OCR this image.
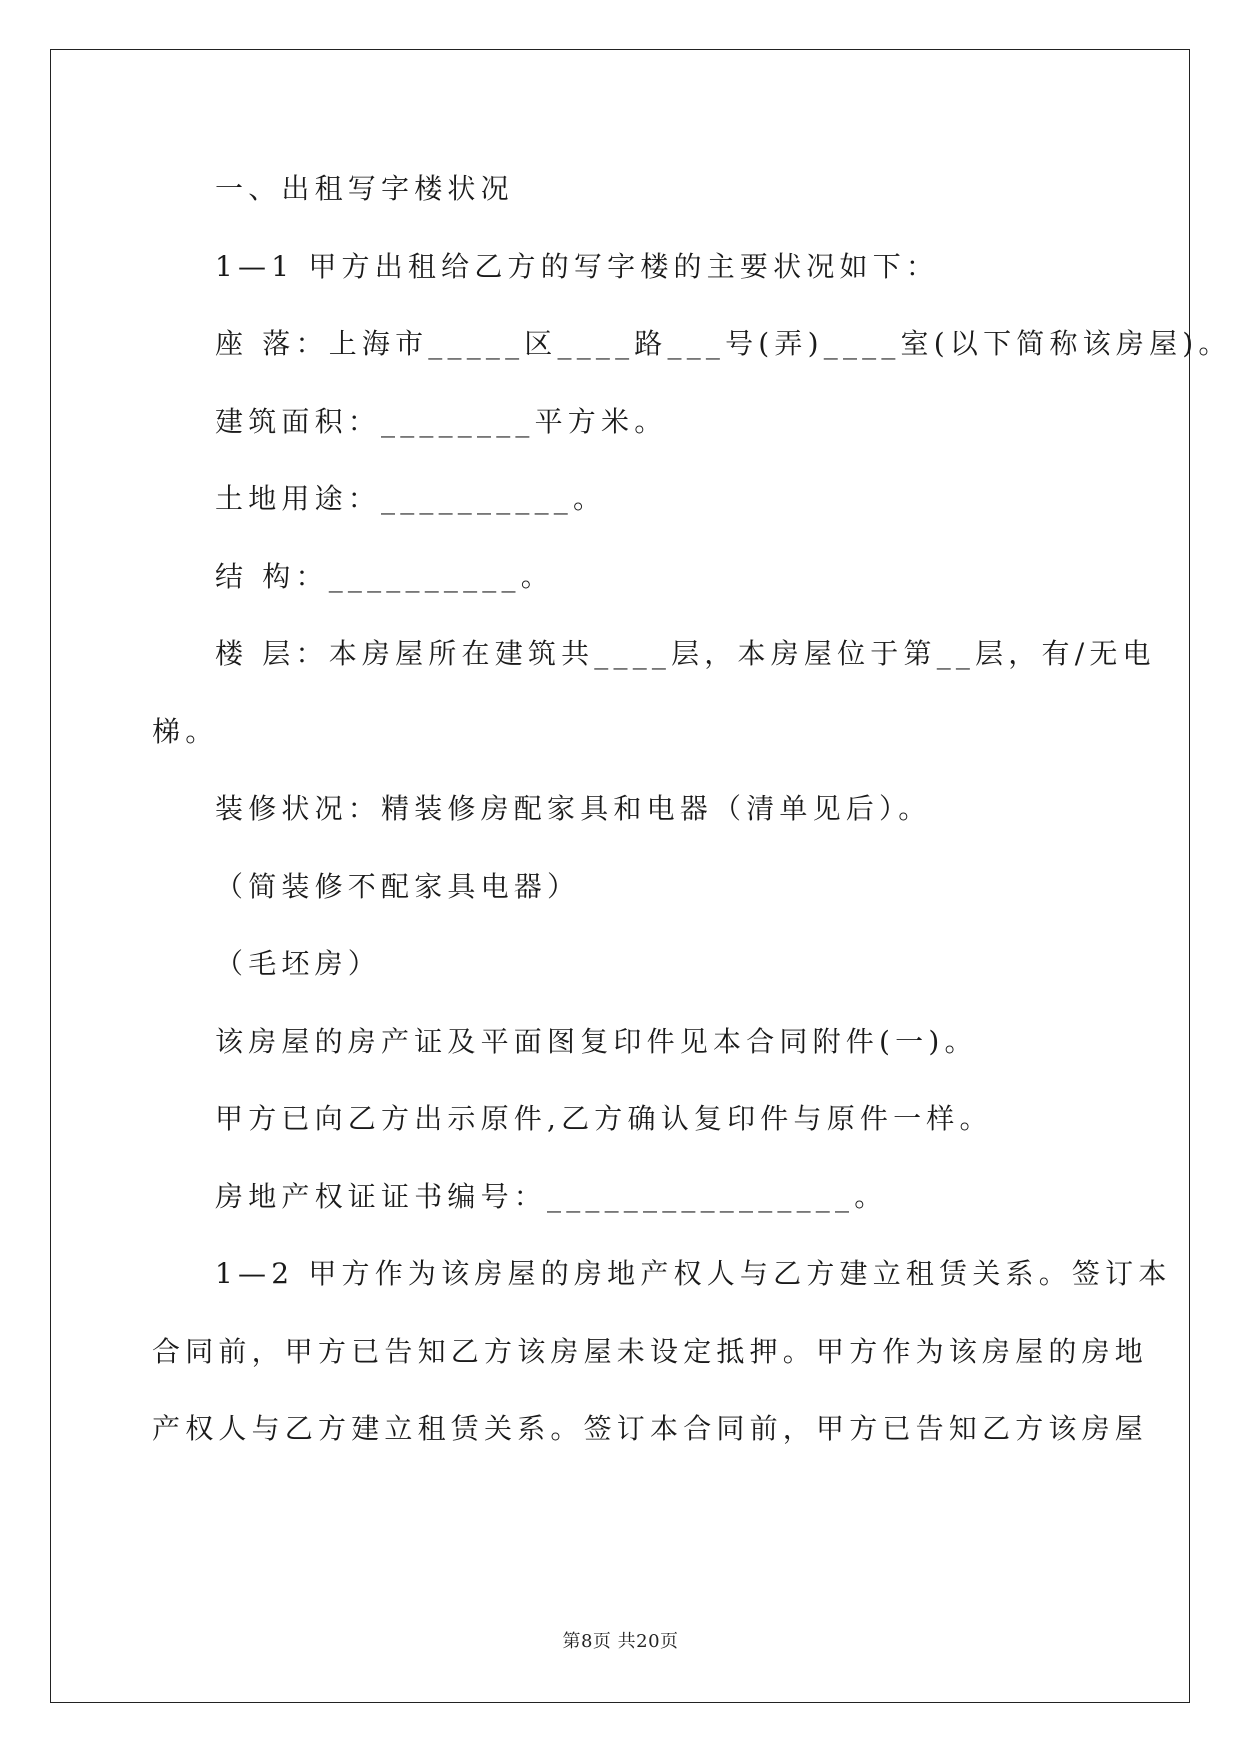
一、出租写字楼状况

1—1 甲方出租给乙方的写字楼的主要状况如下：

座 落：上海市_____区____路___号(弄)____室(以下简称该房屋)。

建筑面积：________平方米。

土地用途：__________。

结 构：__________。

楼 层：本房屋所在建筑共____层，本房屋位于第__层，有/无电

梯。

装修状况：精装修房配家具和电器（清单见后）。

（简装修不配家具电器）

（毛坯房）

该房屋的房产证及平面图复印件见本合同附件(一)。

甲方已向乙方出示原件,乙方确认复印件与原件一样。

房地产权证证书编号：________________。

1—2 甲方作为该房屋的房地产权人与乙方建立租赁关系。签订本

合同前，甲方已告知乙方该房屋未设定抵押。甲方作为该房屋的房地

产权人与乙方建立租赁关系。签订本合同前，甲方已告知乙方该房屋

第8页 共20页
